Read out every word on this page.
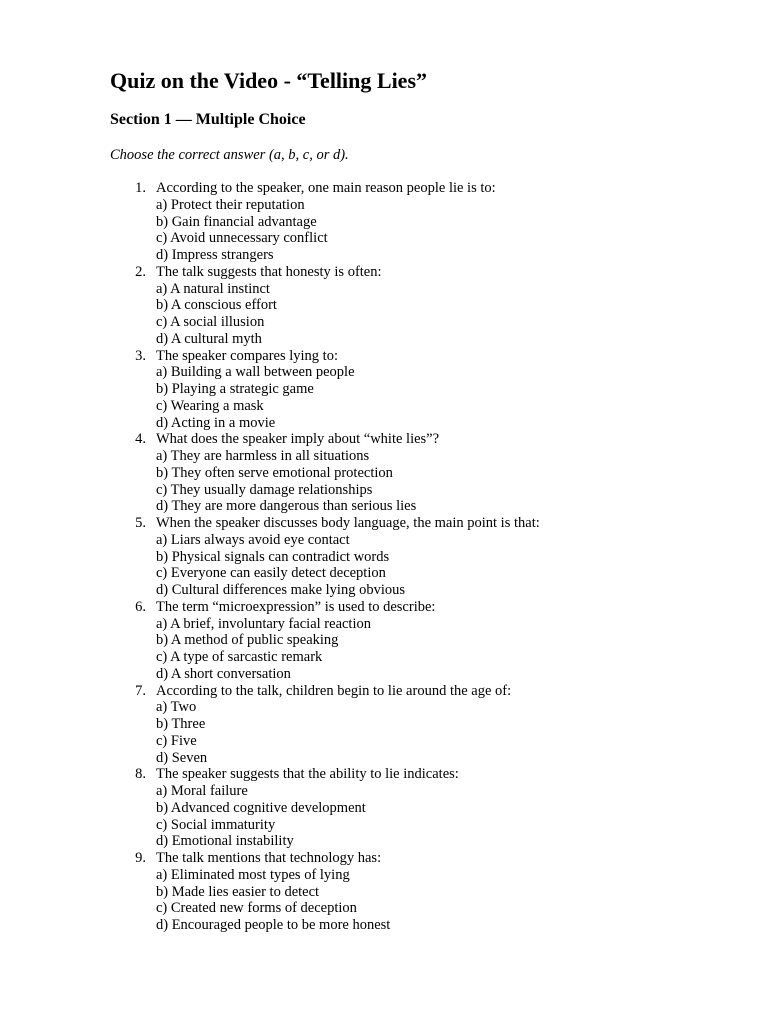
Quiz on the Video - “Telling Lies”
Section 1 — Multiple Choice

Choose the correct answer (a, b, c, or d).

1. According to the speaker, one main reason people lie is to:
a) Protect their reputation
b) Gain financial advantage
c) Avoid unnecessary conflict
d) Impress strangers
2. The talk suggests that honesty is often:
a) A natural instinct
b) A conscious effort
c) A social illusion
d) A cultural myth
3. The speaker compares lying to:
a) Building a wall between people
b) Playing a strategic game
c) Wearing a mask
d) Acting in a movie
4. What does the speaker imply about “white lies”?
a) They are harmless in all situations
b) They often serve emotional protection
c) They usually damage relationships
d) They are more dangerous than serious lies
5. When the speaker discusses body language, the main point is that:
a) Liars always avoid eye contact
b) Physical signals can contradict words
c) Everyone can easily detect deception
d) Cultural differences make lying obvious
6. The term “microexpression” is used to describe:
a) A brief, involuntary facial reaction
b) A method of public speaking
c) A type of sarcastic remark
d) A short conversation
7. According to the talk, children begin to lie around the age of:
a) Two
b) Three
c) Five
d) Seven
8. The speaker suggests that the ability to lie indicates:
a) Moral failure
b) Advanced cognitive development
c) Social immaturity
d) Emotional instability
9. The talk mentions that technology has:
a) Eliminated most types of lying
b) Made lies easier to detect
c) Created new forms of deception
d) Encouraged people to be more honest
